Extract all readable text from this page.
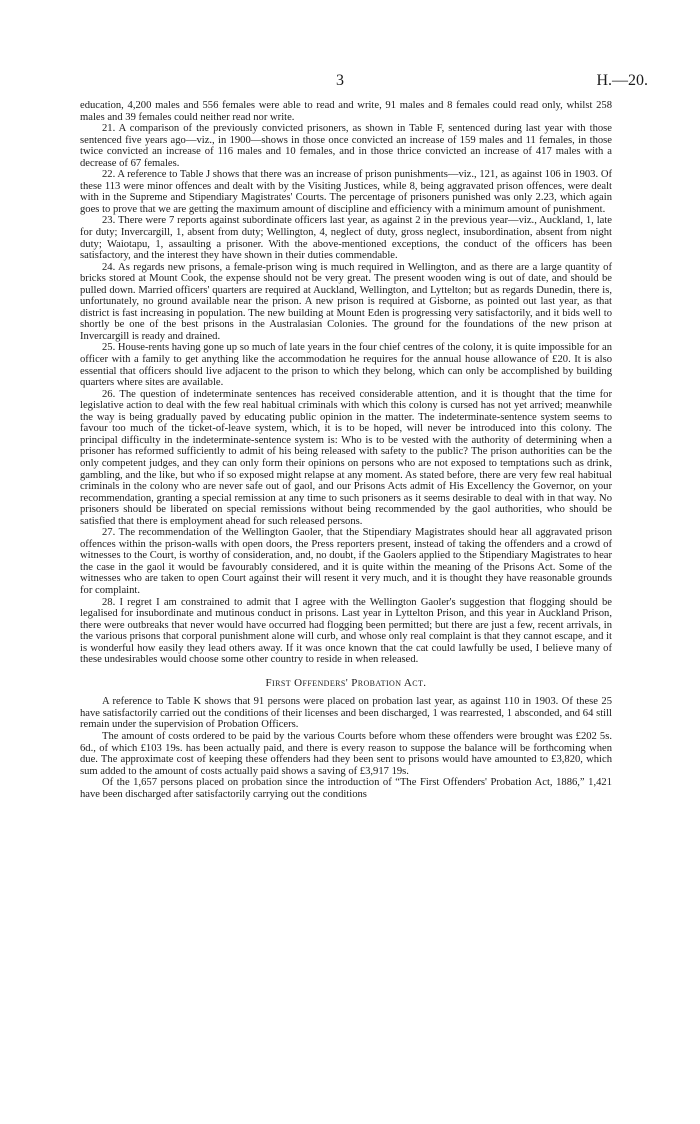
3	H.—20.

education, 4,200 males and 556 females were able to read and write, 91 males and 8 females could read only, whilst 258 males and 39 females could neither read nor write.

21. A comparison of the previously convicted prisoners, as shown in Table F, sentenced during last year with those sentenced five years ago—viz., in 1900—shows in those once convicted an increase of 159 males and 11 females, in those twice convicted an increase of 116 males and 10 females, and in those thrice convicted an increase of 417 males with a decrease of 67 females.

22. A reference to Table J shows that there was an increase of prison punishments—viz., 121, as against 106 in 1903. Of these 113 were minor offences and dealt with by the Visiting Justices, while 8, being aggravated prison offences, were dealt with in the Supreme and Stipendiary Magistrates' Courts. The percentage of prisoners punished was only 2.23, which again goes to prove that we are getting the maximum amount of discipline and efficiency with a minimum amount of punishment.

23. There were 7 reports against subordinate officers last year, as against 2 in the previous year—viz., Auckland, 1, late for duty; Invercargill, 1, absent from duty; Wellington, 4, neglect of duty, gross neglect, insubordination, absent from night duty; Waiotapu, 1, assaulting a prisoner. With the above-mentioned exceptions, the conduct of the officers has been satisfactory, and the interest they have shown in their duties commendable.

24. As regards new prisons, a female-prison wing is much required in Wellington, and as there are a large quantity of bricks stored at Mount Cook, the expense should not be very great. The present wooden wing is out of date, and should be pulled down. Married officers' quarters are required at Auckland, Wellington, and Lyttelton; but as regards Dunedin, there is, unfortunately, no ground available near the prison. A new prison is required at Gisborne, as pointed out last year, as that district is fast increasing in population. The new building at Mount Eden is progressing very satisfactorily, and it bids well to shortly be one of the best prisons in the Australasian Colonies. The ground for the foundations of the new prison at Invercargill is ready and drained.

25. House-rents having gone up so much of late years in the four chief centres of the colony, it is quite impossible for an officer with a family to get anything like the accommodation he requires for the annual house allowance of £20. It is also essential that officers should live adjacent to the prison to which they belong, which can only be accomplished by building quarters where sites are available.

26. The question of indeterminate sentences has received considerable attention, and it is thought that the time for legislative action to deal with the few real habitual criminals with which this colony is cursed has not yet arrived; meanwhile the way is being gradually paved by educating public opinion in the matter. The indeterminate-sentence system seems to favour too much of the ticket-of-leave system, which, it is to be hoped, will never be introduced into this colony. The principal difficulty in the indeterminate-sentence system is: Who is to be vested with the authority of determining when a prisoner has reformed sufficiently to admit of his being released with safety to the public? The prison authorities can be the only competent judges, and they can only form their opinions on persons who are not exposed to temptations such as drink, gambling, and the like, but who if so exposed might relapse at any moment. As stated before, there are very few real habitual criminals in the colony who are never safe out of gaol, and our Prisons Acts admit of His Excellency the Governor, on your recommendation, granting a special remission at any time to such prisoners as it seems desirable to deal with in that way. No prisoners should be liberated on special remissions without being recommended by the gaol authorities, who should be satisfied that there is employment ahead for such released persons.

27. The recommendation of the Wellington Gaoler, that the Stipendiary Magistrates should hear all aggravated prison offences within the prison-walls with open doors, the Press reporters present, instead of taking the offenders and a crowd of witnesses to the Court, is worthy of consideration, and, no doubt, if the Gaolers applied to the Stipendiary Magistrates to hear the case in the gaol it would be favourably considered, and it is quite within the meaning of the Prisons Act. Some of the witnesses who are taken to open Court against their will resent it very much, and it is thought they have reasonable grounds for complaint.

28. I regret I am constrained to admit that I agree with the Wellington Gaoler's suggestion that flogging should be legalised for insubordinate and mutinous conduct in prisons. Last year in Lyttelton Prison, and this year in Auckland Prison, there were outbreaks that never would have occurred had flogging been permitted; but there are just a few, recent arrivals, in the various prisons that corporal punishment alone will curb, and whose only real complaint is that they cannot escape, and it is wonderful how easily they lead others away. If it was once known that the cat could lawfully be used, I believe many of these undesirables would choose some other country to reside in when released.

First Offenders' Probation Act.

A reference to Table K shows that 91 persons were placed on probation last year, as against 110 in 1903. Of these 25 have satisfactorily carried out the conditions of their licenses and been discharged, 1 was rearrested, 1 absconded, and 64 still remain under the supervision of Probation Officers.

The amount of costs ordered to be paid by the various Courts before whom these offenders were brought was £202 5s. 6d., of which £103 19s. has been actually paid, and there is every reason to suppose the balance will be forthcoming when due. The approximate cost of keeping these offenders had they been sent to prisons would have amounted to £3,820, which sum added to the amount of costs actually paid shows a saving of £3,917 19s.

Of the 1,657 persons placed on probation since the introduction of “The First Offenders' Probation Act, 1886,” 1,421 have been discharged after satisfactorily carrying out the conditions
